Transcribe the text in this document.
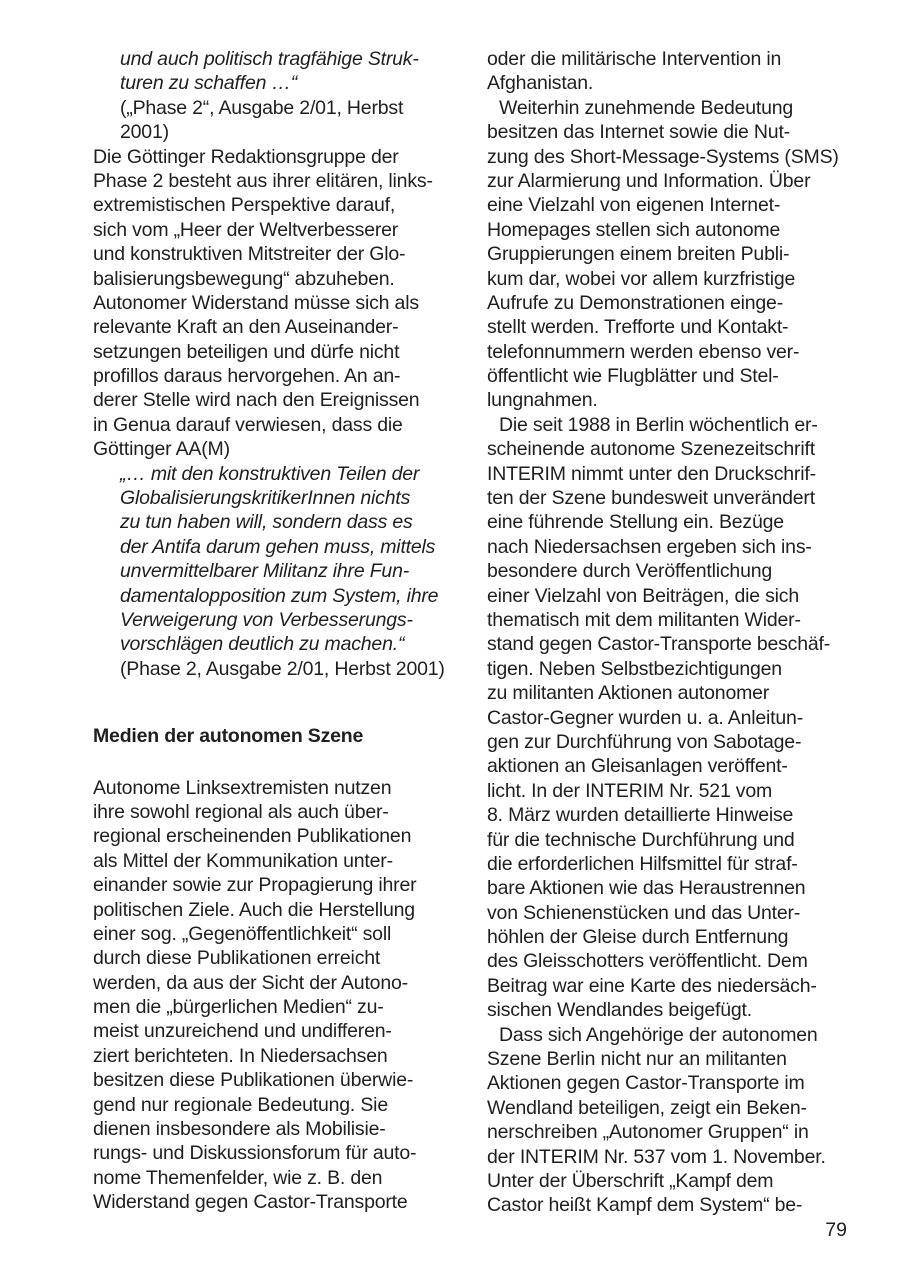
und auch politisch tragfähige Struk-
turen zu schaffen …“
(„Phase 2“, Ausgabe 2/01, Herbst
2001)
Die Göttinger Redaktionsgruppe der
Phase 2 besteht aus ihrer elitären, links-
extremistischen Perspektive darauf,
sich vom „Heer der Weltverbesserer
und konstruktiven Mitstreiter der Glo-
balisierungsbewegung“ abzuheben.
Autonomer Widerstand müsse sich als
relevante Kraft an den Auseinander-
setzungen beteiligen und dürfe nicht
profillos daraus hervorgehen. An an-
derer Stelle wird nach den Ereignissen
in Genua darauf verwiesen, dass die
Göttinger AA(M)
„… mit den konstruktiven Teilen der
GlobalisierungskritikerInnen nichts
zu tun haben will, sondern dass es
der Antifa darum gehen muss, mittels
unvermittelbarer Militanz ihre Fun-
damentalopposition zum System, ihre
Verweigerung von Verbesserungs-
vorschlägen deutlich zu machen.“
(Phase 2, Ausgabe 2/01, Herbst 2001)
Medien der autonomen Szene
Autonome Linksextremisten nutzen
ihre sowohl regional als auch über-
regional erscheinenden Publikationen
als Mittel der Kommunikation unter-
einander sowie zur Propagierung ihrer
politischen Ziele. Auch die Herstellung
einer sog. „Gegenöffentlichkeit“ soll
durch diese Publikationen erreicht
werden, da aus der Sicht der Autono-
men die „bürgerlichen Medien“ zu-
meist unzureichend und undifferen-
ziert berichteten. In Niedersachsen
besitzen diese Publikationen überwie-
gend nur regionale Bedeutung. Sie
dienen insbesondere als Mobilisie-
rungs- und Diskussionsforum für auto-
nome Themenfelder, wie z. B. den
Widerstand gegen Castor-Transporte
oder die militärische Intervention in
Afghanistan.
Weiterhin zunehmende Bedeutung
besitzen das Internet sowie die Nut-
zung des Short-Message-Systems (SMS)
zur Alarmierung und Information. Über
eine Vielzahl von eigenen Internet-
Homepages stellen sich autonome
Gruppierungen einem breiten Publi-
kum dar, wobei vor allem kurzfristige
Aufrufe zu Demonstrationen einge-
stellt werden. Trefforte und Kontakt-
telefonnummern werden ebenso ver-
öffentlicht wie Flugblätter und Stel-
lungnahmen.
Die seit 1988 in Berlin wöchentlich er-
scheinende autonome Szenezeitschrift
INTERIM nimmt unter den Druckschrif-
ten der Szene bundesweit unverändert
eine führende Stellung ein. Bezüge
nach Niedersachsen ergeben sich ins-
besondere durch Veröffentlichung
einer Vielzahl von Beiträgen, die sich
thematisch mit dem militanten Wider-
stand gegen Castor-Transporte beschäf-
tigen. Neben Selbstbezichtigungen
zu militanten Aktionen autonomer
Castor-Gegner wurden u. a. Anleitun-
gen zur Durchführung von Sabotage-
aktionen an Gleisanlagen veröffent-
licht. In der INTERIM Nr. 521 vom
8. März wurden detaillierte Hinweise
für die technische Durchführung und
die erforderlichen Hilfsmittel für straf-
bare Aktionen wie das Heraustrennen
von Schienenstücken und das Unter-
höhlen der Gleise durch Entfernung
des Gleisschotters veröffentlicht. Dem
Beitrag war eine Karte des niedersäch-
sischen Wendlandes beigefügt.
Dass sich Angehörige der autonomen
Szene Berlin nicht nur an militanten
Aktionen gegen Castor-Transporte im
Wendland beteiligen, zeigt ein Beken-
nerschreiben „Autonomer Gruppen“ in
der INTERIM Nr. 537 vom 1. November.
Unter der Überschrift „Kampf dem
Castor heißt Kampf dem System“ be-
79
